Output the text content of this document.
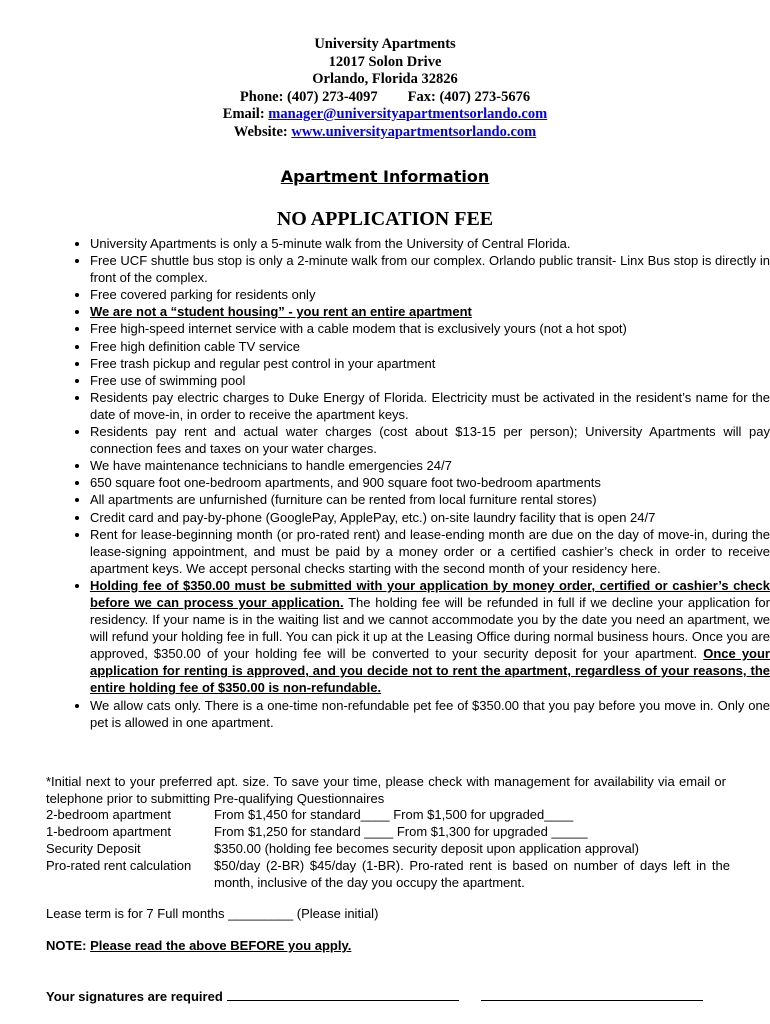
University Apartments
12017 Solon Drive
Orlando, Florida 32826
Phone: (407) 273-4097 Fax: (407) 273-5676
Email: manager@universityapartmentsorlando.com
Website: www.universityapartmentsorlando.com
Apartment Information
NO APPLICATION FEE
• University Apartments is only a 5-minute walk from the University of Central Florida.
• Free UCF shuttle bus stop is only a 2-minute walk from our complex. Orlando public transit- Linx Bus stop is directly in front of the complex.
• Free covered parking for residents only
• We are not a “student housing” - you rent an entire apartment
• Free high-speed internet service with a cable modem that is exclusively yours (not a hot spot)
• Free high definition cable TV service
• Free trash pickup and regular pest control in your apartment
• Free use of swimming pool
• Residents pay electric charges to Duke Energy of Florida. Electricity must be activated in the resident’s name for the date of move-in, in order to receive the apartment keys.
• Residents pay rent and actual water charges (cost about $13-15 per person); University Apartments will pay connection fees and taxes on your water charges.
• We have maintenance technicians to handle emergencies 24/7
• 650 square foot one-bedroom apartments, and 900 square foot two-bedroom apartments
• All apartments are unfurnished (furniture can be rented from local furniture rental stores)
• Credit card and pay-by-phone (GooglePay, ApplePay, etc.) on-site laundry facility that is open 24/7
• Rent for lease-beginning month (or pro-rated rent) and lease-ending month are due on the day of move-in, during the lease-signing appointment, and must be paid by a money order or a certified cashier’s check in order to receive apartment keys. We accept personal checks starting with the second month of your residency here.
• Holding fee of $350.00 must be submitted with your application by money order, certified or cashier’s check before we can process your application. The holding fee will be refunded in full if we decline your application for residency. If your name is in the waiting list and we cannot accommodate you by the date you need an apartment, we will refund your holding fee in full. You can pick it up at the Leasing Office during normal business hours. Once you are approved, $350.00 of your holding fee will be converted to your security deposit for your apartment. Once your application for renting is approved, and you decide not to rent the apartment, regardless of your reasons, the entire holding fee of $350.00 is non-refundable.
• We allow cats only. There is a one-time non-refundable pet fee of $350.00 that you pay before you move in. Only one pet is allowed in one apartment.
*Initial next to your preferred apt. size. To save your time, please check with management for availability via email or telephone prior to submitting Pre-qualifying Questionnaires
2-bedroom apartment	From $1,450 for standard____ From $1,500 for upgraded____
1-bedroom apartment	From $1,250 for standard ____ From $1,300 for upgraded _____
Security Deposit	$350.00 (holding fee becomes security deposit upon application approval)
Pro-rated rent calculation	$50/day (2-BR) $45/day (1-BR). Pro-rated rent is based on number of days left in the month, inclusive of the day you occupy the apartment.
Lease term is for 7 Full months _________ (Please initial)
NOTE: Please read the above BEFORE you apply.
Your signatures are required
